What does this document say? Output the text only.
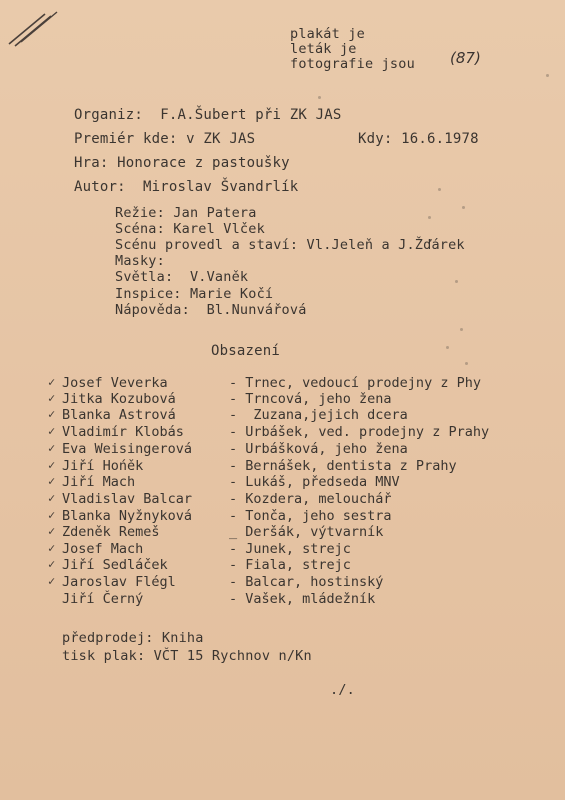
plakát je
leták je
fotografie jsou (87)
Organiz:  F.A.Šubert při ZK JAS
Premiér kde: v ZK JAS	Kdy: 16.6.1978
Hra: Honorace z pastoušky
Autor:  Miroslav Švandrlík
Režie: Jan Patera
Scéna: Karel Vlček
Scénu provedl a staví: Vl.Jeleň a J.Žďárek
Masky:
Světla:  V.Vaněk
Inspice: Marie Kočí
Nápověda:  Bl.Nunvářová
Obsazení
✓ Josef Veverka	- Trnec, vedoucí prodejny z Phy
✓ Jitka Kozubová	- Trncová, jeho žena
✓ Blanka Astrová	-  Zuzana,jejich dcera
✓ Vladimír Klobás	- Urbášek, ved. prodejny z Prahy
✓ Eva Weisingerová	- Urbášková, jeho žena
✓ Jiří Hońěk	- Bernášek, dentista z Prahy
✓ Jiří Mach	- Lukáš, předseda MNV
✓ Vladislav Balcar	- Kozdera, melouchář
✓ Blanka Nyžnyková	- Tonča, jeho sestra
✓ Zdeněk Remeš	_ Deršák, výtvarník
✓ Josef Mach	- Junek, strejc
✓ Jiří Sedláček	- Fiala, strejc
✓ Jaroslav Flégl	- Balcar, hostinský
Jiří Černý	- Vašek, mládežník
předprodej: Kniha
tisk plak: VČT 15 Rychnov n/Kn
./.
